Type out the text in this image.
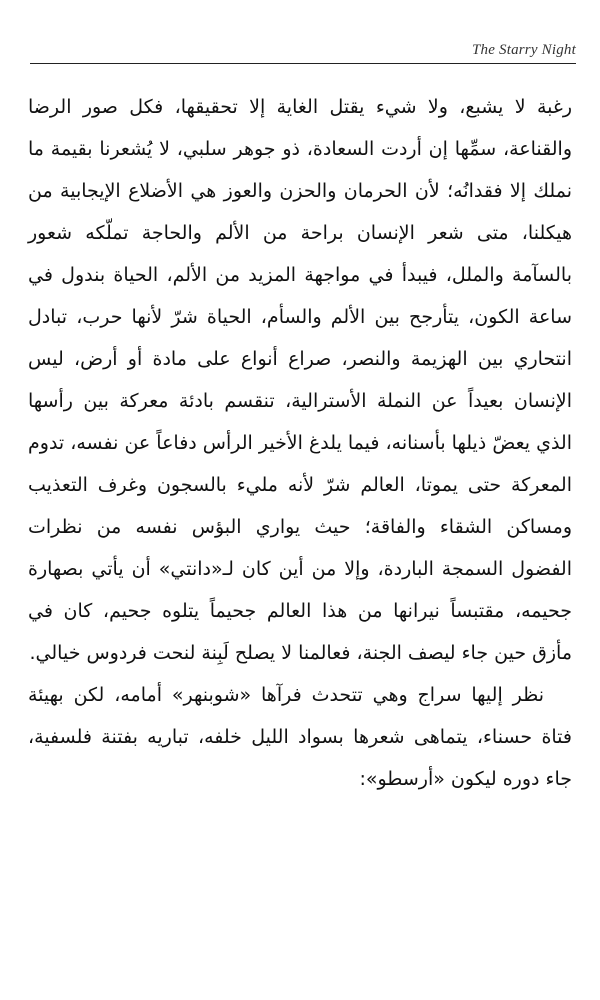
The Starry Night

رغبة لا يشبع، ولا شيء يقتل الغاية إلا تحقيقها، فكل صور الرضا والقناعة، سمِّها إن أردت السعادة، ذو جوهر سلبي، لا يُشعرنا بقيمة ما نملك إلا فقدانُه؛ لأن الحرمان والحزن والعوز هي الأضلاع الإيجابية من هيكلنا، متى شعر الإنسان براحة من الألم والحاجة تملّكه شعور بالسآمة والملل، فيبدأ في مواجهة المزيد من الألم، الحياة بندول في ساعة الكون، يتأرجح بين الألم والسأم، الحياة شرّ لأنها حرب، تبادل انتحاري بين الهزيمة والنصر، صراع أنواع على مادة أو أرض، ليس الإنسان بعيداً عن النملة الأسترالية، تنقسم بادئة معركة بين رأسها الذي يعضّ ذيلها بأسنانه، فيما يلدغ الأخير الرأس دفاعاً عن نفسه، تدوم المعركة حتى يموتا، العالم شرّ لأنه مليء بالسجون وغرف التعذيب ومساكن الشقاء والفاقة؛ حيث يواري البؤس نفسه من نظرات الفضول السمجة الباردة، وإلا من أين كان لـ«دانتي» أن يأتي بصهارة جحيمه، مقتبساً نيرانها من هذا العالم جحيماً يتلوه جحيم، كان في مأزق حين جاء ليصف الجنة، فعالمنا لا يصلح لَبِنة لنحت فردوس خيالي.

نظر إليها سراج وهي تتحدث فرآها «شوبنهر» أمامه، لكن بهيئة فتاة حسناء، يتماهى شعرها بسواد الليل خلفه، تباريه بفتنة فلسفية، جاء دوره ليكون «أرسطو»:
